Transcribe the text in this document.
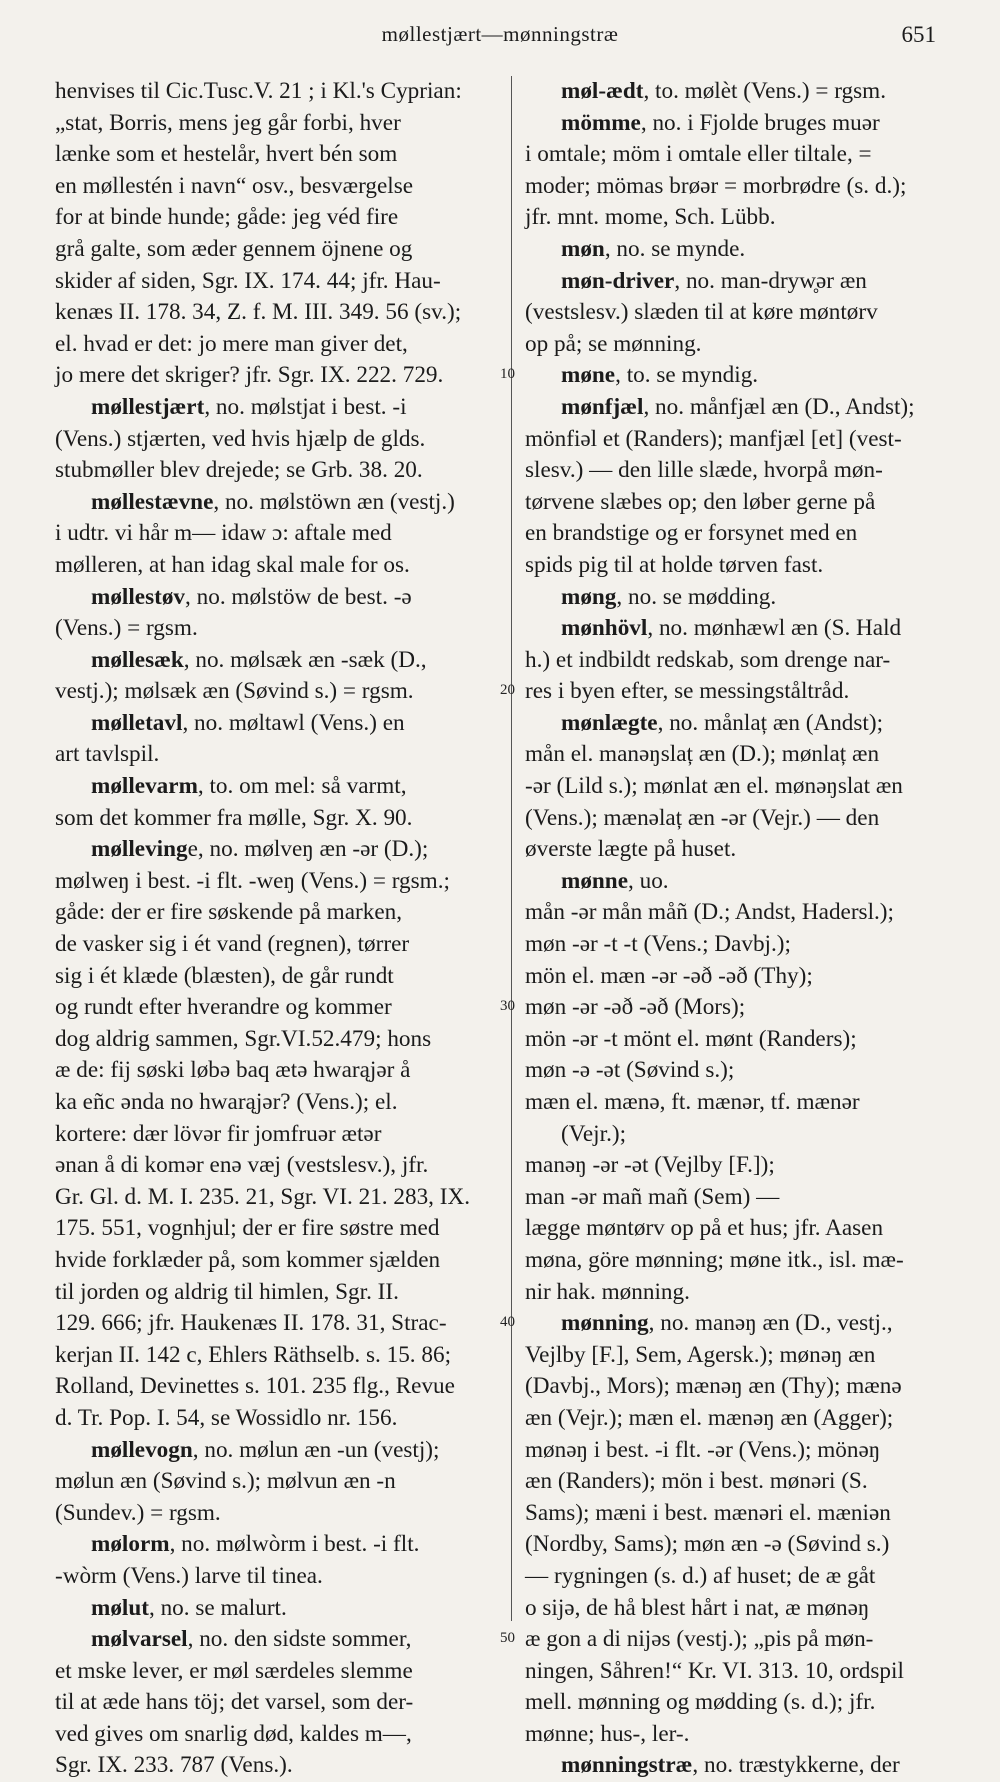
møllestjært—mønningstræ	651
henvises til Cic.Tusc.V. 21 ; i Kl.'s Cyprian:
„stat, Borris, mens jeg går forbi, hver
lænke som et hestelår, hvert bén som
en møllestén i navn“ osv., besværgelse
for at binde hunde; gåde: jeg véd fire
grå galte, som æder gennem öjnene og
skider af siden, Sgr. IX. 174. 44; jfr. Hau-
kenæs II. 178. 34, Z. f. M. III. 349. 56 (sv.);
el. hvad er det: jo mere man giver det,
jo mere det skriger? jfr. Sgr. IX. 222. 729.
møllestjært, no. mølstjat i best. -i
(Vens.) stjærten, ved hvis hjælp de glds.
stubmøller blev drejede; se Grb. 38. 20.
møllestævne, no. mølstöwn æn (vestj.)
i udtr. vi hår m— idaw ɔ: aftale med
mølleren, at han idag skal male for os.
møllestøv, no. mølstöw de best. -ə
(Vens.) = rgsm.
møllesæk, no. mølsæk æn -sæk (D.,
vestj.); mølsæk æn (Søvind s.) = rgsm.
mølletavl, no. møltawl (Vens.) en
art tavlspil.
møllevarm, to. om mel: så varmt,
som det kommer fra mølle, Sgr. X. 90.
møllevinge, no. mølveŋ æn -ər (D.);
mølweŋ i best. -i flt. -weŋ (Vens.) = rgsm.;
gåde: der er fire søskende på marken,
de vasker sig i ét vand (regnen), tørrer
sig i ét klæde (blæsten), de går rundt
og rundt efter hverandre og kommer
dog aldrig sammen, Sgr.VI.52.479; hons
æ de: fij søski løbə baq ætə hwarąjər å
ka eñc ənda no hwarąjər? (Vens.); el.
kortere: dær lövər fir jomfruər ætər
ənan å di komər enə væj (vestslesv.), jfr.
Gr. Gl. d. M. I. 235. 21, Sgr. VI. 21. 283, IX.
175. 551, vognhjul; der er fire søstre med
hvide forklæder på, som kommer sjælden
til jorden og aldrig til himlen, Sgr. II.
129. 666; jfr. Haukenæs II. 178. 31, Strac-
kerjan II. 142 c, Ehlers Räthselb. s. 15. 86;
Rolland, Devinettes s. 101. 235 flg., Revue
d. Tr. Pop. I. 54, se Wossidlo nr. 156.
møllevogn, no. mølun æn -un (vestj);
mølun æn (Søvind s.); mølvun æn -n
(Sundev.) = rgsm.
mølorm, no. mølwòrm i best. -i flt.
-wòrm (Vens.) larve til tinea.
mølut, no. se malurt.
mølvarsel, no. den sidste sommer,
et mske lever, er møl særdeles slemme
til at æde hans töj; det varsel, som der-
ved gives om snarlig død, kaldes m—,
Sgr. IX. 233. 787 (Vens.).
møl-ædt, to. mølèt (Vens.) = rgsm.
mömme, no. i Fjolde bruges muər
i omtale; möm i omtale eller tiltale, =
moder; mömas brøər = morbrødre (s. d.);
jfr. mnt. mome, Sch. Lübb.
møn, no. se mynde.
møn-driver, no. man-dryw̥ər æn
(vestslesv.) slæden til at køre møntørv
op på; se mønning.
møne, to. se myndig.
mønfjæl, no. månfjæl æn (D., Andst);
mönfiəl et (Randers); manfjæl [et] (vest-
slesv.) — den lille slæde, hvorpå møn-
tørvene slæbes op; den løber gerne på
en brandstige og er forsynet med en
spids pig til at holde tørven fast.
møng, no. se mødding.
mønhövl, no. mønhæwl æn (S. Hald
h.) et indbildt redskab, som drenge nar-
res i byen efter, se messingståltråd.
mønlægte, no. månlaț æn (Andst);
mån el. manəŋslaț æn (D.); mønlaț æn
-ər (Lild s.); mønlat æn el. mønəŋslat æn
(Vens.); mænəlaț æn -ər (Vejr.) — den
øverste lægte på huset.
mønne, uo.
mån -ər mån måñ (D.; Andst, Hadersl.);
møn -ər -t -t (Vens.; Davbj.);
mön el. mæn -ər -əð -əð (Thy);
møn -ər -əð -əð (Mors);
mön -ər -t mönt el. mønt (Randers);
møn -ə -ət (Søvind s.);
mæn el. mænə, ft. mænər, tf. mænər
(Vejr.);
manəŋ -ər -ət (Vejlby [F.]);
man -ər mañ mañ (Sem) —
lægge møntørv op på et hus; jfr. Aasen
møna, göre mønning; møne itk., isl. mæ-
nir hak. mønning.
mønning, no. manəŋ æn (D., vestj.,
Vejlby [F.], Sem, Agersk.); mønəŋ æn
(Davbj., Mors); mænəŋ æn (Thy); mænə
æn (Vejr.); mæn el. mænəŋ æn (Agger);
mønəŋ i best. -i flt. -ər (Vens.); mönəŋ
æn (Randers); mön i best. mønəri (S.
Sams); mæni i best. mænəri el. mæniən
(Nordby, Sams); møn æn -ə (Søvind s.)
— rygningen (s. d.) af huset; de æ gåt
o sijə, de hå blest hårt i nat, æ mønəŋ
æ gon a di nijəs (vestj.); „pis på møn-
ningen, Såhren!“ Kr. VI. 313. 10, ordspil
mell. mønning og mødding (s. d.); jfr.
mønne; hus-, ler-.
mønningstræ, no. træstykkerne, der
10
20
30
40
50
